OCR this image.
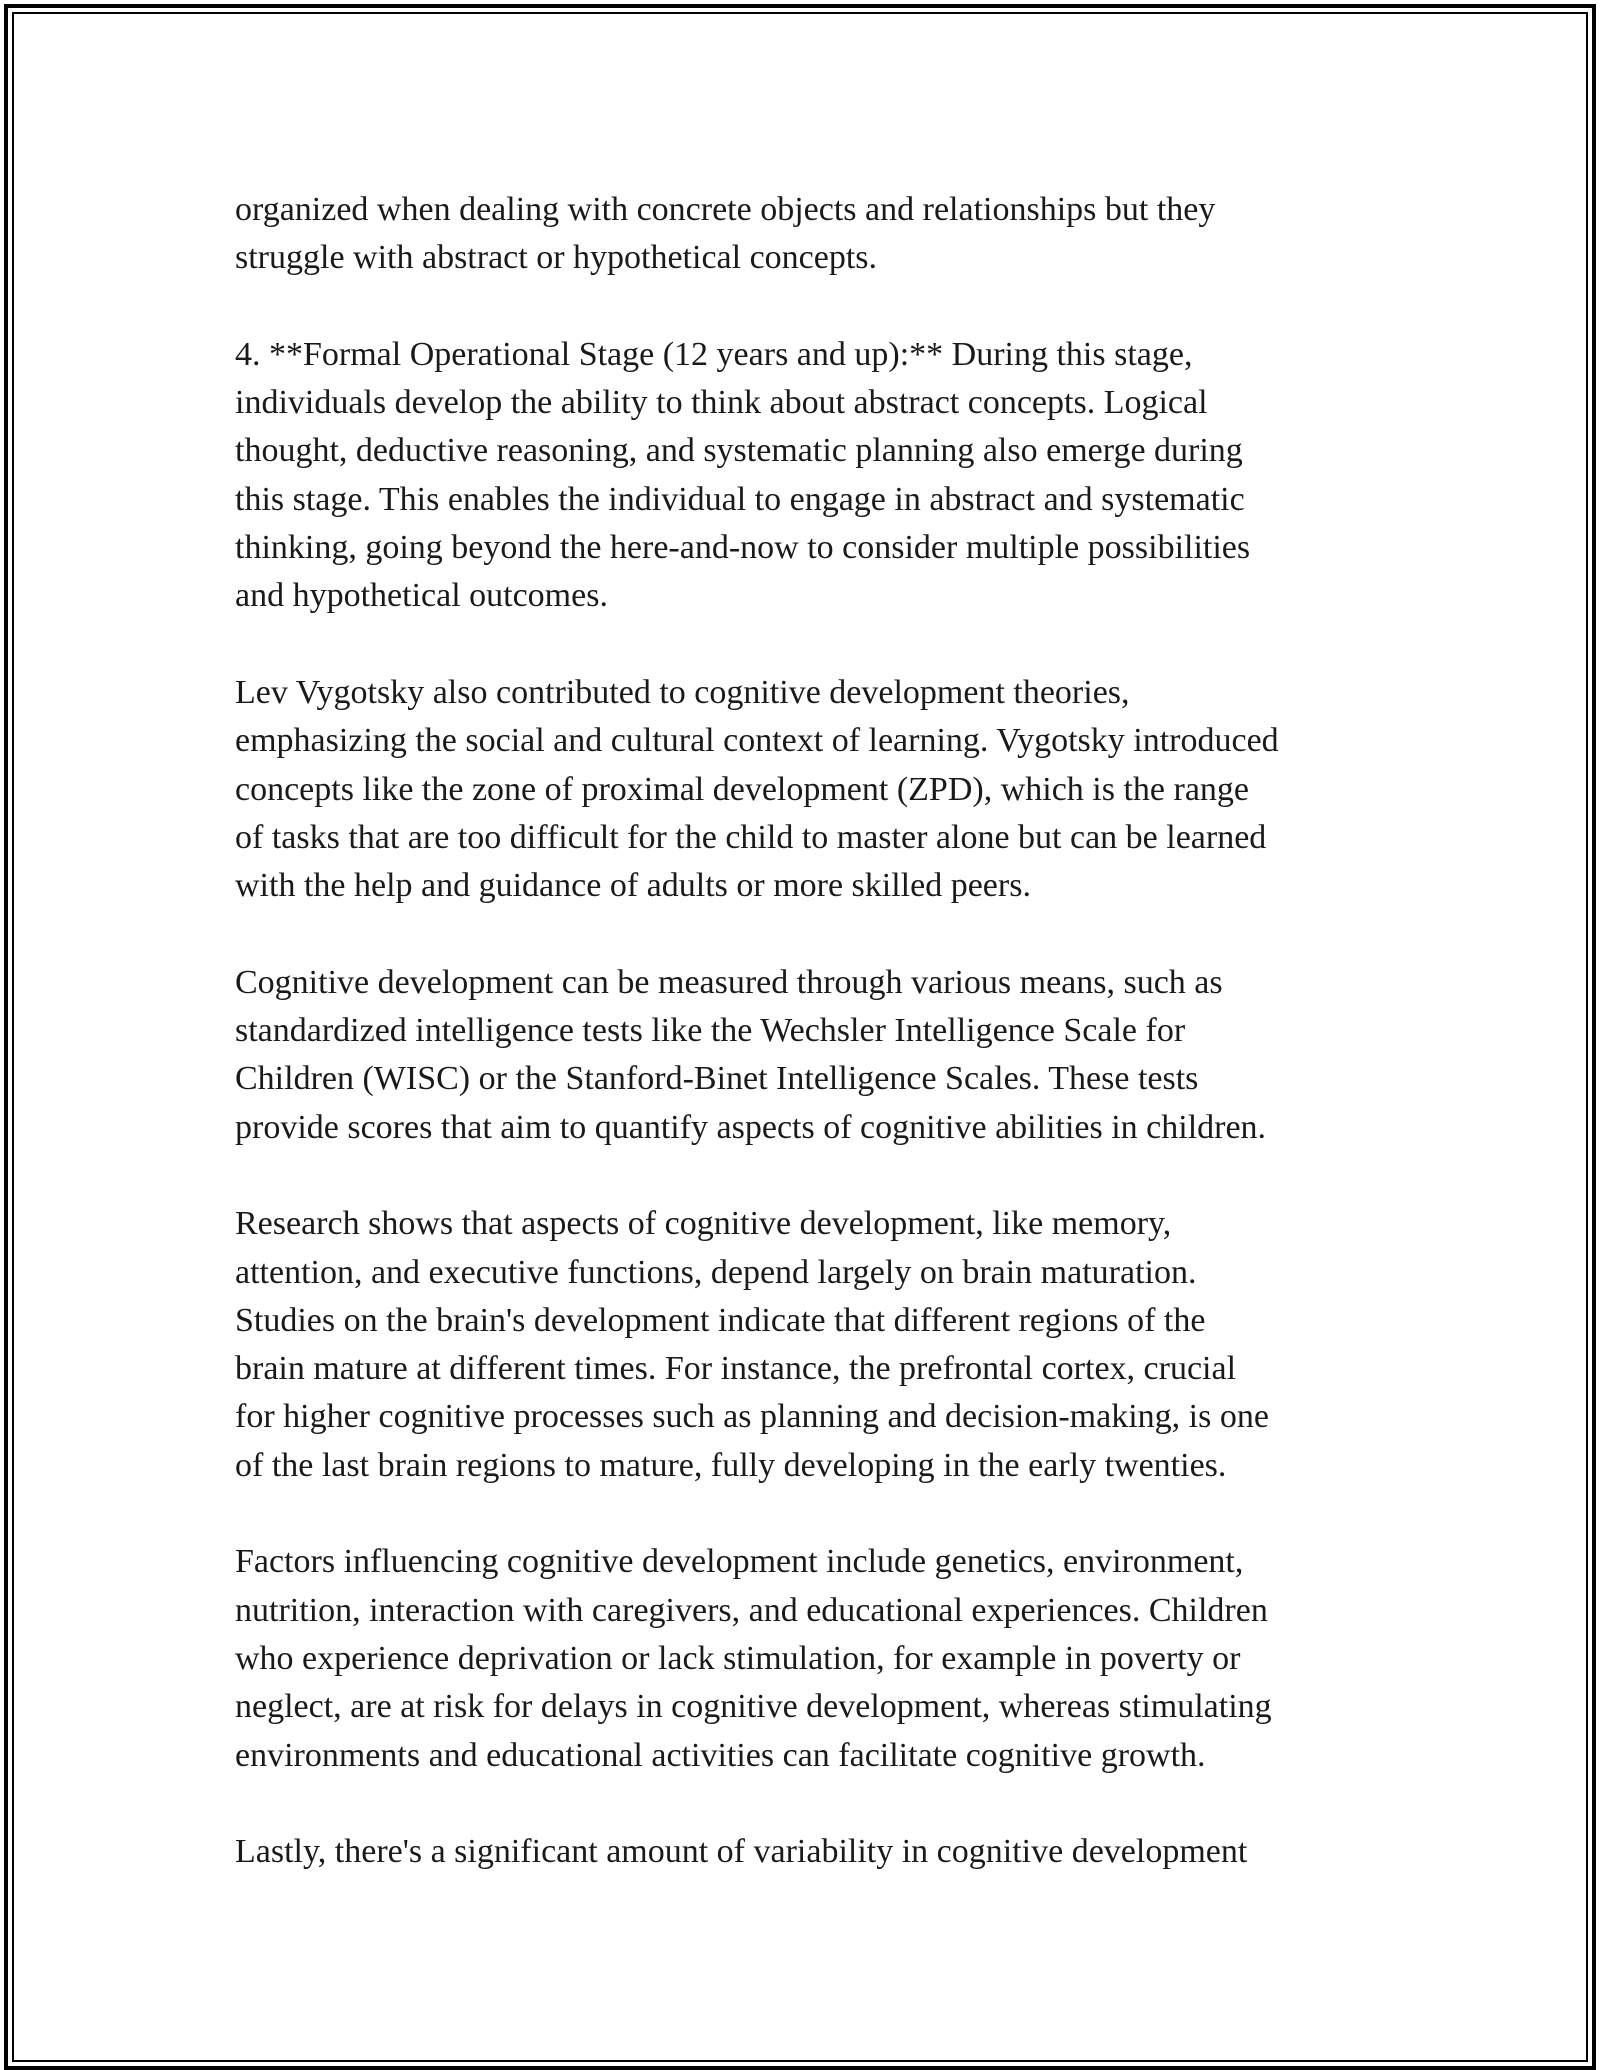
organized when dealing with concrete objects and relationships but they
struggle with abstract or hypothetical concepts.

4. **Formal Operational Stage (12 years and up):** During this stage,
individuals develop the ability to think about abstract concepts. Logical
thought, deductive reasoning, and systematic planning also emerge during
this stage. This enables the individual to engage in abstract and systematic
thinking, going beyond the here-and-now to consider multiple possibilities
and hypothetical outcomes.

Lev Vygotsky also contributed to cognitive development theories,
emphasizing the social and cultural context of learning. Vygotsky introduced
concepts like the zone of proximal development (ZPD), which is the range
of tasks that are too difficult for the child to master alone but can be learned
with the help and guidance of adults or more skilled peers.

Cognitive development can be measured through various means, such as
standardized intelligence tests like the Wechsler Intelligence Scale for
Children (WISC) or the Stanford-Binet Intelligence Scales. These tests
provide scores that aim to quantify aspects of cognitive abilities in children.

Research shows that aspects of cognitive development, like memory,
attention, and executive functions, depend largely on brain maturation.
Studies on the brain's development indicate that different regions of the
brain mature at different times. For instance, the prefrontal cortex, crucial
for higher cognitive processes such as planning and decision-making, is one
of the last brain regions to mature, fully developing in the early twenties.

Factors influencing cognitive development include genetics, environment,
nutrition, interaction with caregivers, and educational experiences. Children
who experience deprivation or lack stimulation, for example in poverty or
neglect, are at risk for delays in cognitive development, whereas stimulating
environments and educational activities can facilitate cognitive growth.

Lastly, there's a significant amount of variability in cognitive development
